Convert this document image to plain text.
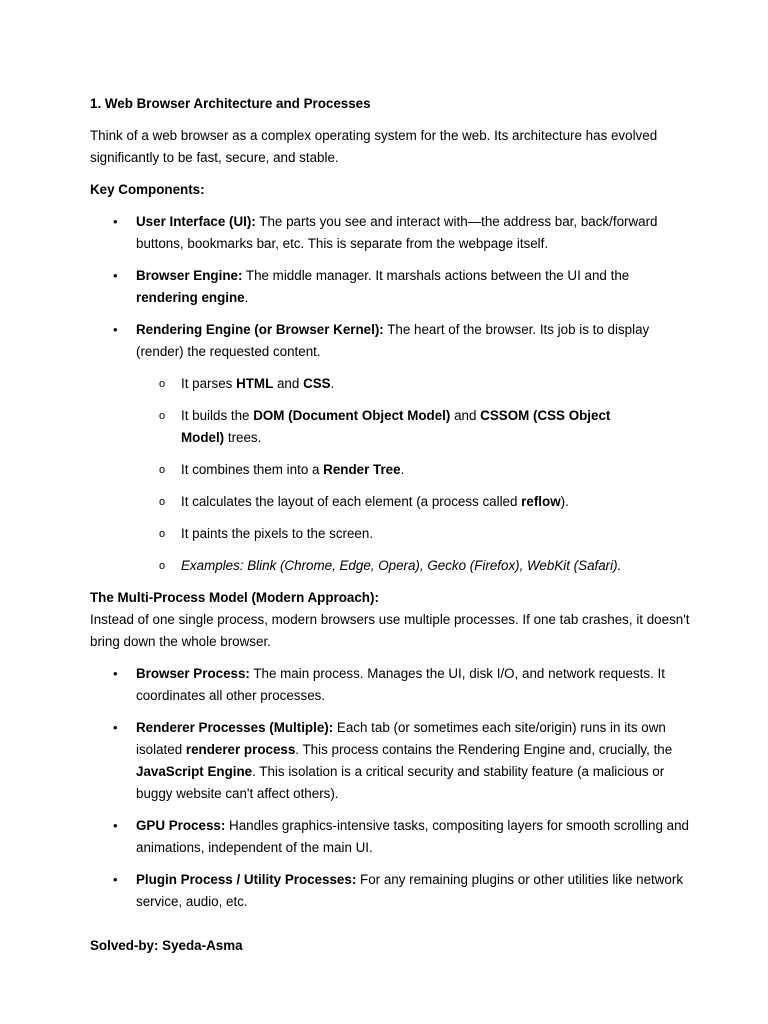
1. Web Browser Architecture and Processes

Think of a web browser as a complex operating system for the web. Its architecture has evolved significantly to be fast, secure, and stable.

Key Components:

• User Interface (UI): The parts you see and interact with—the address bar, back/forward buttons, bookmarks bar, etc. This is separate from the webpage itself.
• Browser Engine: The middle manager. It marshals actions between the UI and the rendering engine.
• Rendering Engine (or Browser Kernel): The heart of the browser. Its job is to display (render) the requested content.
o It parses HTML and CSS.
o It builds the DOM (Document Object Model) and CSSOM (CSS Object Model) trees.
o It combines them into a Render Tree.
o It calculates the layout of each element (a process called reflow).
o It paints the pixels to the screen.
o Examples: Blink (Chrome, Edge, Opera), Gecko (Firefox), WebKit (Safari).

The Multi-Process Model (Modern Approach):

Instead of one single process, modern browsers use multiple processes. If one tab crashes, it doesn't bring down the whole browser.

• Browser Process: The main process. Manages the UI, disk I/O, and network requests. It coordinates all other processes.
• Renderer Processes (Multiple): Each tab (or sometimes each site/origin) runs in its own isolated renderer process. This process contains the Rendering Engine and, crucially, the JavaScript Engine. This isolation is a critical security and stability feature (a malicious or buggy website can't affect others).
• GPU Process: Handles graphics-intensive tasks, compositing layers for smooth scrolling and animations, independent of the main UI.
• Plugin Process / Utility Processes: For any remaining plugins or other utilities like network service, audio, etc.
Solved-by: Syeda-Asma
